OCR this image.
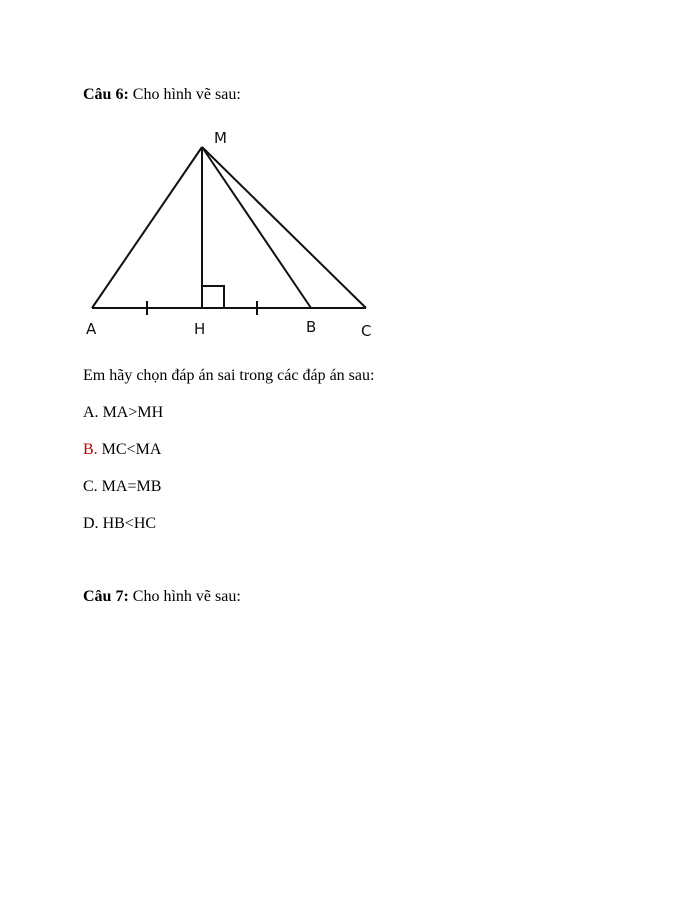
Câu 6: Cho hình vẽ sau:
M
A	H	B	C
Em hãy chọn đáp án sai trong các đáp án sau:
A. MA>MH
B. MC<MA
C. MA=MB
D. HB<HC
Câu 7: Cho hình vẽ sau:
